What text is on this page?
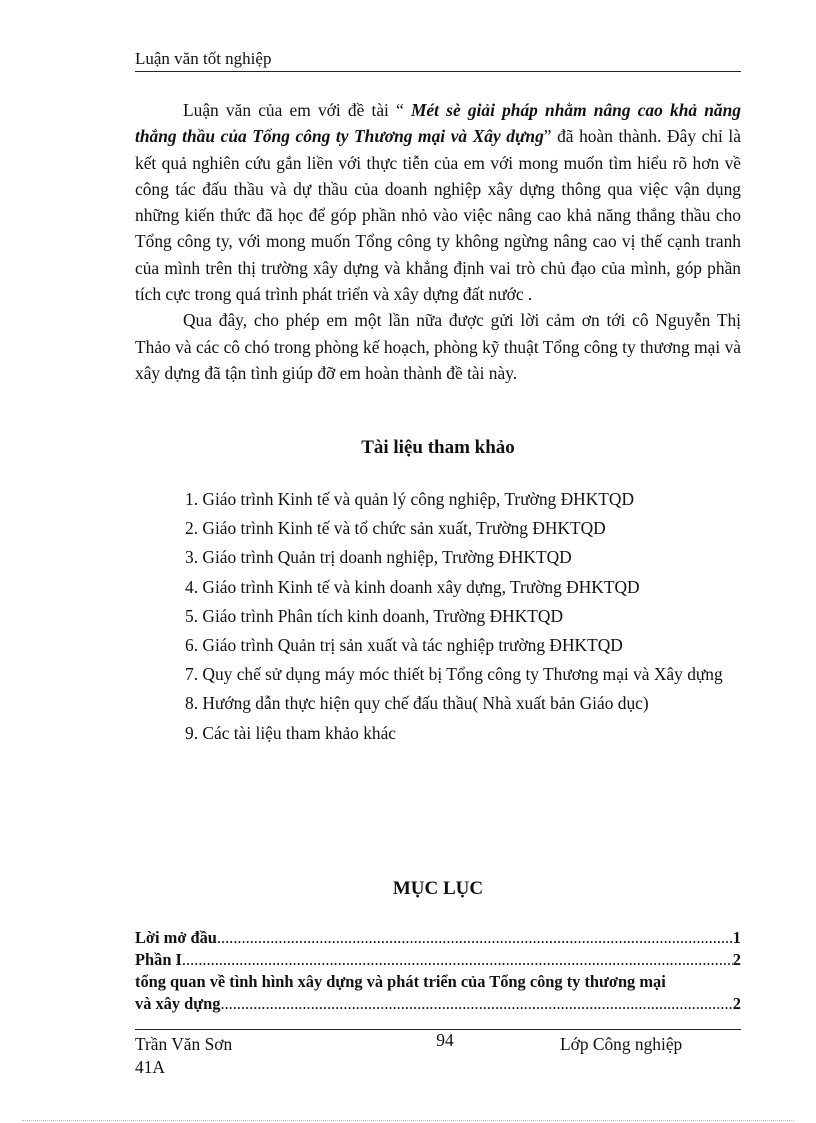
Luận văn tốt nghiệp

Luận văn của em với đề tài “ Mét sè giải pháp nhằm nâng cao khả năng thắng thầu của Tổng công ty Thương mại và Xây dựng” đã hoàn thành. Đây chỉ là kết quả nghiên cứu gắn liền với thực tiễn của em với mong muốn tìm hiểu rõ hơn về công tác đấu thầu và dự thầu của doanh nghiệp xây dựng thông qua việc vận dụng những kiến thức đã học để góp phần nhỏ vào việc nâng cao khả năng thắng thầu cho Tổng công ty, với mong muốn Tổng công ty không ngừng nâng cao vị thế cạnh tranh của mình trên thị trường xây dựng và khẳng định vai trò chủ đạo của mình, góp phần tích cực trong quá trình phát triển và xây dựng đất nước .

Qua đây, cho phép em một lần nữa được gửi lời cảm ơn tới cô Nguyễn Thị Thảo và các cô chó trong phòng kế hoạch, phòng kỹ thuật Tổng công ty thương mại và xây dựng đã tận tình giúp đỡ em hoàn thành đề tài này.

Tài liệu tham khảo
1. Giáo trình Kinh tế và quản lý công nghiệp, Trường ĐHKTQD
2. Giáo trình Kinh tế và tổ chức sản xuất, Trường ĐHKTQD
3. Giáo trình Quản trị doanh nghiệp, Trường ĐHKTQD
4. Giáo trình Kinh tế và kinh doanh xây dựng, Trường ĐHKTQD
5. Giáo trình Phân tích kinh doanh, Trường ĐHKTQD
6. Giáo trình Quản trị sản xuất và tác nghiệp trường ĐHKTQD
7. Quy chế sử dụng máy móc thiết bị Tổng công ty Thương mại và Xây dựng
8. Hướng dẫn thực hiện quy chế đấu thầu( Nhà xuất bản Giáo dục)
9. Các tài liệu tham khảo khác
MỤC LỤC
Lời mở đầu .....	1
Phần I .....	2
tổng quan về tình hình xây dựng và phát triển của Tổng công ty thương mại
và xây dựng .....	2
Trần Văn Sơn
41A
94	Lớp Công nghiệp
